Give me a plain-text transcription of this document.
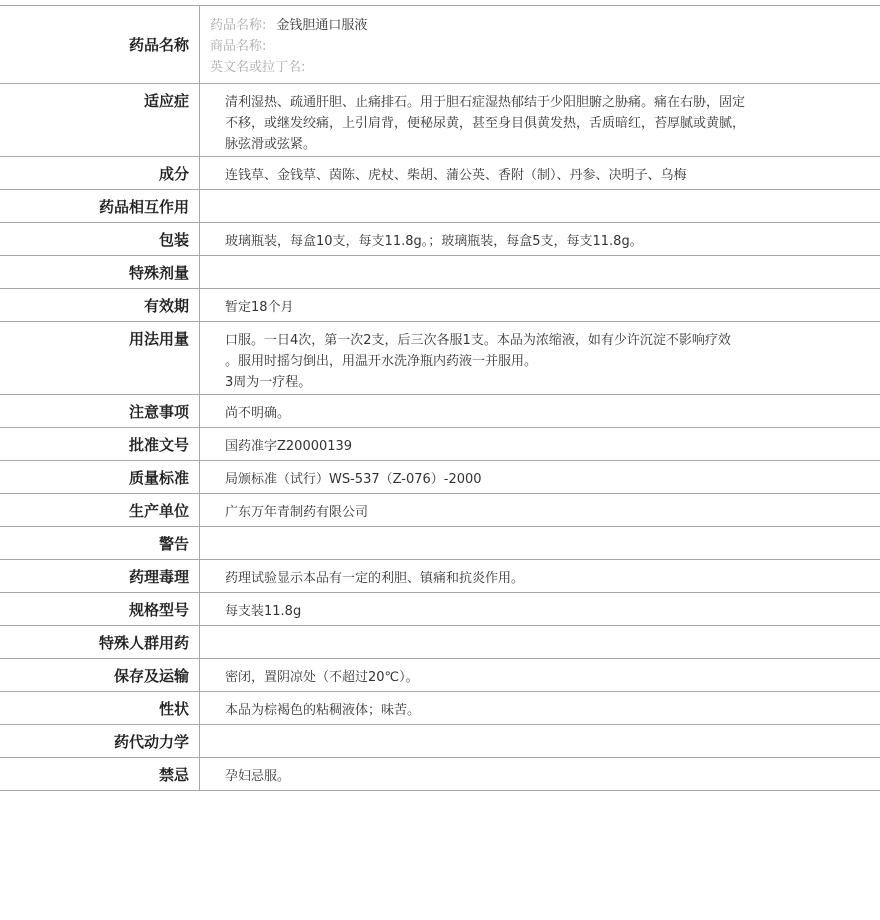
药品名称
药品名称: 金钱胆通口服液
商品名称:
英文名或拉丁名:
适应症	清利湿热、疏通肝胆、止痛排石。用于胆石症湿热郁结于少阳胆腑之胁痛。痛在右胁，固定
不移，或继发绞痛，上引肩背，便秘尿黄，甚至身目俱黄发热，舌质暗红，苔厚腻或黄腻，
脉弦滑或弦紧。
成分	连钱草、金钱草、茵陈、虎杖、柴胡、蒲公英、香附（制）、丹参、决明子、乌梅
药品相互作用
包装	玻璃瓶装，每盒10支，每支11.8g。；玻璃瓶装，每盒5支，每支11.8g。
特殊剂量
有效期	暂定18个月
用法用量	口服。一日4次，第一次2支，后三次各服1支。本品为浓缩液，如有少许沉淀不影响疗效
。服用时摇匀倒出，用温开水洗净瓶内药液一并服用。
3周为一疗程。
注意事项	尚不明确。
批准文号	国药准字Z20000139
质量标准	局颁标准（试行）WS-537（Z-076）-2000
生产单位	广东万年青制药有限公司
警告
药理毒理	药理试验显示本品有一定的利胆、镇痛和抗炎作用。
规格型号	每支装11.8g
特殊人群用药
保存及运输	密闭，置阴凉处（不超过20℃）。
性状	本品为棕褐色的粘稠液体；味苦。
药代动力学
禁忌	孕妇忌服。
